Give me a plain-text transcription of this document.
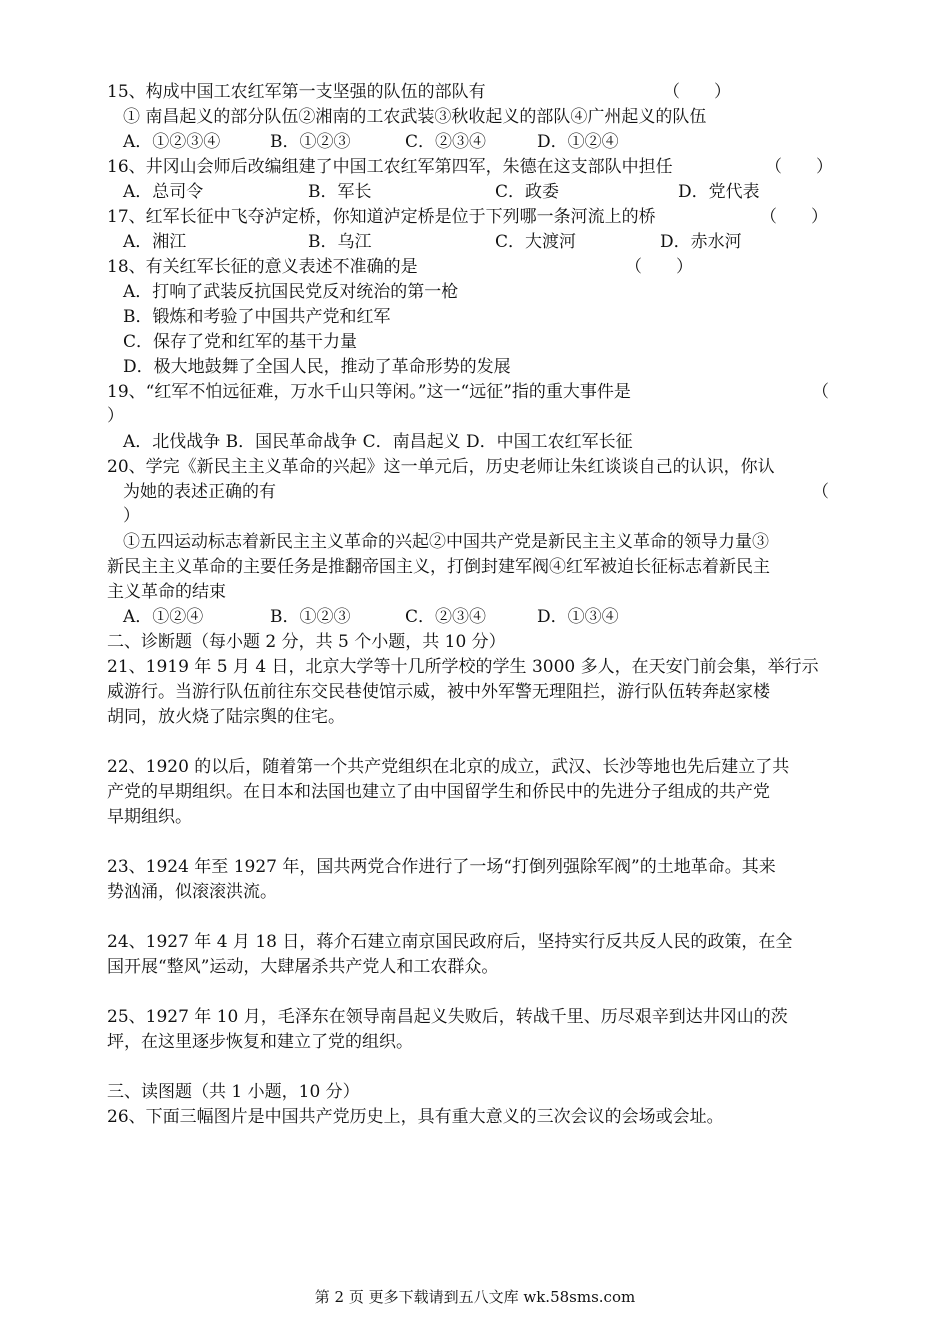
15、构成中国工农红军第一支坚强的队伍的部队有	（　　）
① 南昌起义的部分队伍②湘南的工农武装③秋收起义的部队④广州起义的队伍
A．①②③④	B．①②③	C．②③④	D．①②④
16、井冈山会师后改编组建了中国工农红军第四军，朱德在这支部队中担任	（　　）
A．总司令	B．军长	C．政委	D．党代表
17、红军长征中飞夺泸定桥，你知道泸定桥是位于下列哪一条河流上的桥	（　　）
A．湘江	B．乌江	C．大渡河	D．赤水河
18、有关红军长征的意义表述不准确的是	（　　）
A．打响了武装反抗国民党反对统治的第一枪
B．锻炼和考验了中国共产党和红军
C．保存了党和红军的基干力量
D．极大地鼓舞了全国人民，推动了革命形势的发展
19、“红军不怕远征难，万水千山只等闲。”这一“远征”指的重大事件是	（
）
A．北伐战争 B．国民革命战争 C．南昌起义 D．中国工农红军长征
20、学完《新民主主义革命的兴起》这一单元后，历史老师让朱红谈谈自己的认识，你认
为她的表述正确的有	（
）
①五四运动标志着新民主主义革命的兴起②中国共产党是新民主主义革命的领导力量③
新民主主义革命的主要任务是推翻帝国主义，打倒封建军阀④红军被迫长征标志着新民主
主义革命的结束
A．①②④	B．①②③	C．②③④	D．①③④
二、诊断题（每小题 2 分，共 5 个小题，共 10 分）
21、1919 年 5 月 4 日，北京大学等十几所学校的学生 3000 多人，在天安门前会集，举行示
威游行。当游行队伍前往东交民巷使馆示威，被中外军警无理阻拦，游行队伍转奔赵家楼
胡同，放火烧了陆宗舆的住宅。
22、1920 的以后，随着第一个共产党组织在北京的成立，武汉、长沙等地也先后建立了共
产党的早期组织。在日本和法国也建立了由中国留学生和侨民中的先进分子组成的共产党
早期组织。
23、1924 年至 1927 年，国共两党合作进行了一场“打倒列强除军阀”的土地革命。其来
势汹涌，似滚滚洪流。
24、1927 年 4 月 18 日，蒋介石建立南京国民政府后，坚持实行反共反人民的政策，在全
国开展“整风”运动，大肆屠杀共产党人和工农群众。
25、1927 年 10 月，毛泽东在领导南昌起义失败后，转战千里、历尽艰辛到达井冈山的茨
坪，在这里逐步恢复和建立了党的组织。
三、读图题（共 1 小题，10 分）
26、下面三幅图片是中国共产党历史上，具有重大意义的三次会议的会场或会址。
第 2 页 更多下载请到五八文库 wk.58sms.com
